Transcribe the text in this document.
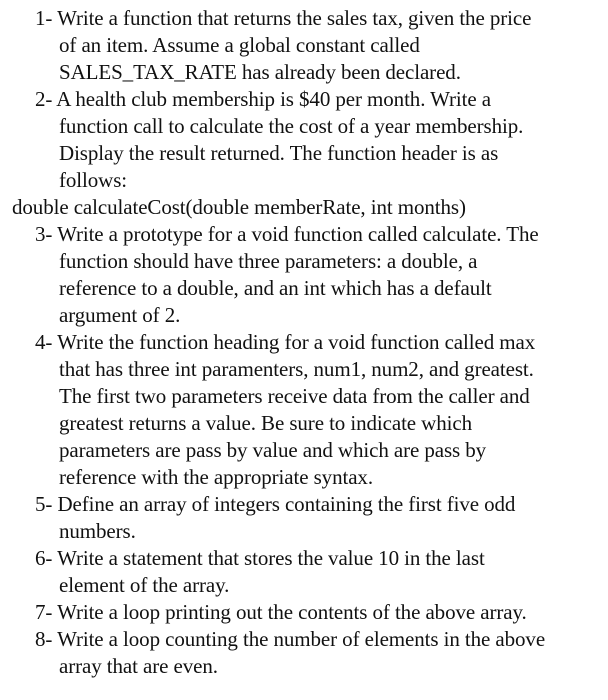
1- Write a function that returns the sales tax, given the price
of an item. Assume a global constant called
SALES_TAX_RATE has already been declared.
2- A health club membership is $40 per month. Write a
function call to calculate the cost of a year membership.
Display the result returned. The function header is as
follows:
double calculateCost(double memberRate, int months)
3- Write a prototype for a void function called calculate. The
function should have three parameters: a double, a
reference to a double, and an int which has a default
argument of 2.
4- Write the function heading for a void function called max
that has three int paramenters, num1, num2, and greatest.
The first two parameters receive data from the caller and
greatest returns a value. Be sure to indicate which
parameters are pass by value and which are pass by
reference with the appropriate syntax.
5- Define an array of integers containing the first five odd
numbers.
6- Write a statement that stores the value 10 in the last
element of the array.
7- Write a loop printing out the contents of the above array.
8- Write a loop counting the number of elements in the above
array that are even.
